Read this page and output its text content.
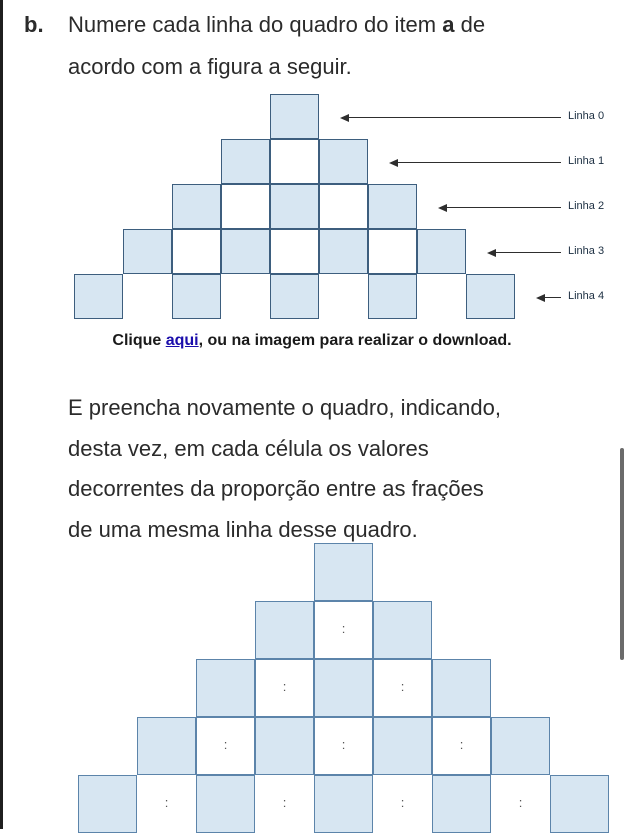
b. Numere cada linha do quadro do item a de
acordo com a figura a seguir.
Linha 0
Linha 1
Linha 2
Linha 3
Linha 4
Clique aqui, ou na imagem para realizar o download.
E preencha novamente o quadro, indicando,
desta vez, em cada célula os valores
decorrentes da proporção entre as frações
de uma mesma linha desse quadro.
:
:	:
:	:	:
:	:	:	:
